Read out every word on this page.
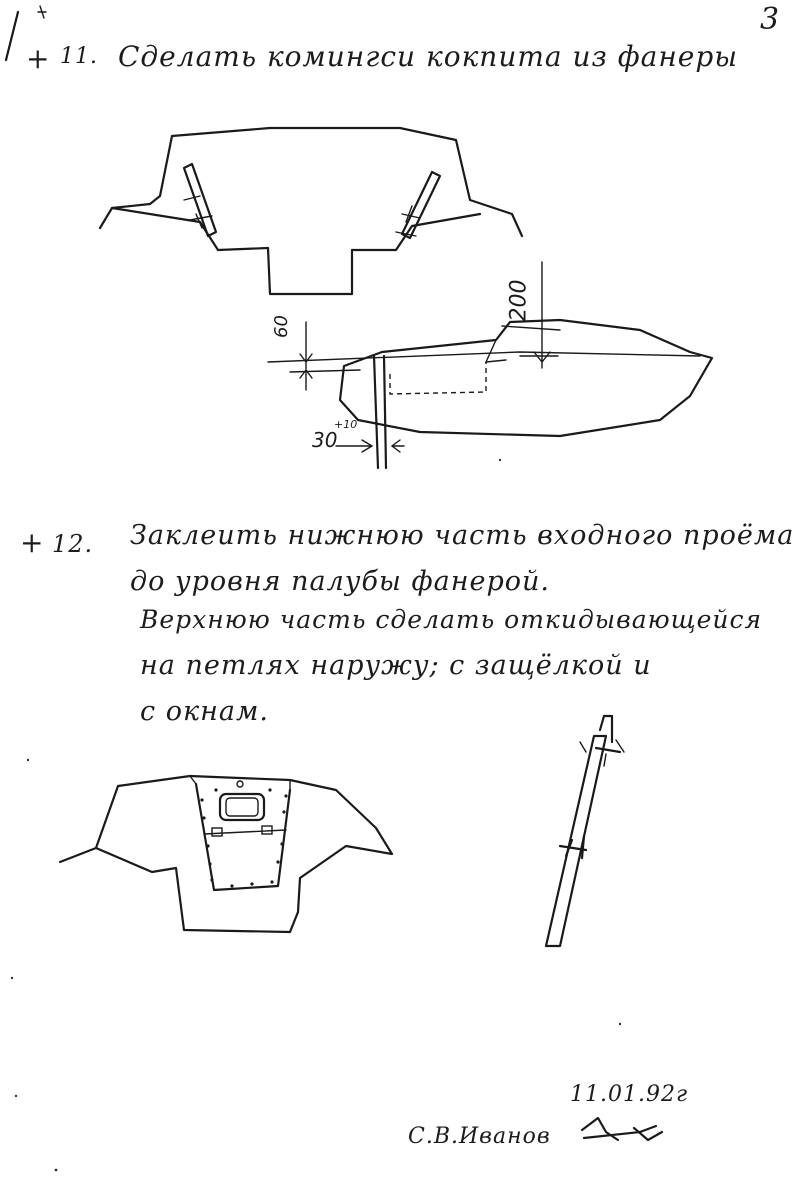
3
+ 11. Сделать комингси кокпита из фанеры
+ 12. Заклеить нижнюю часть входного проёма
до уровня палубы фанерой.
Верхнюю часть сделать откидывающейся
на петлях наружу; с защёлкой и
с окнам.
200
60
30
+10
11.01.92г
С.В.Иванов
